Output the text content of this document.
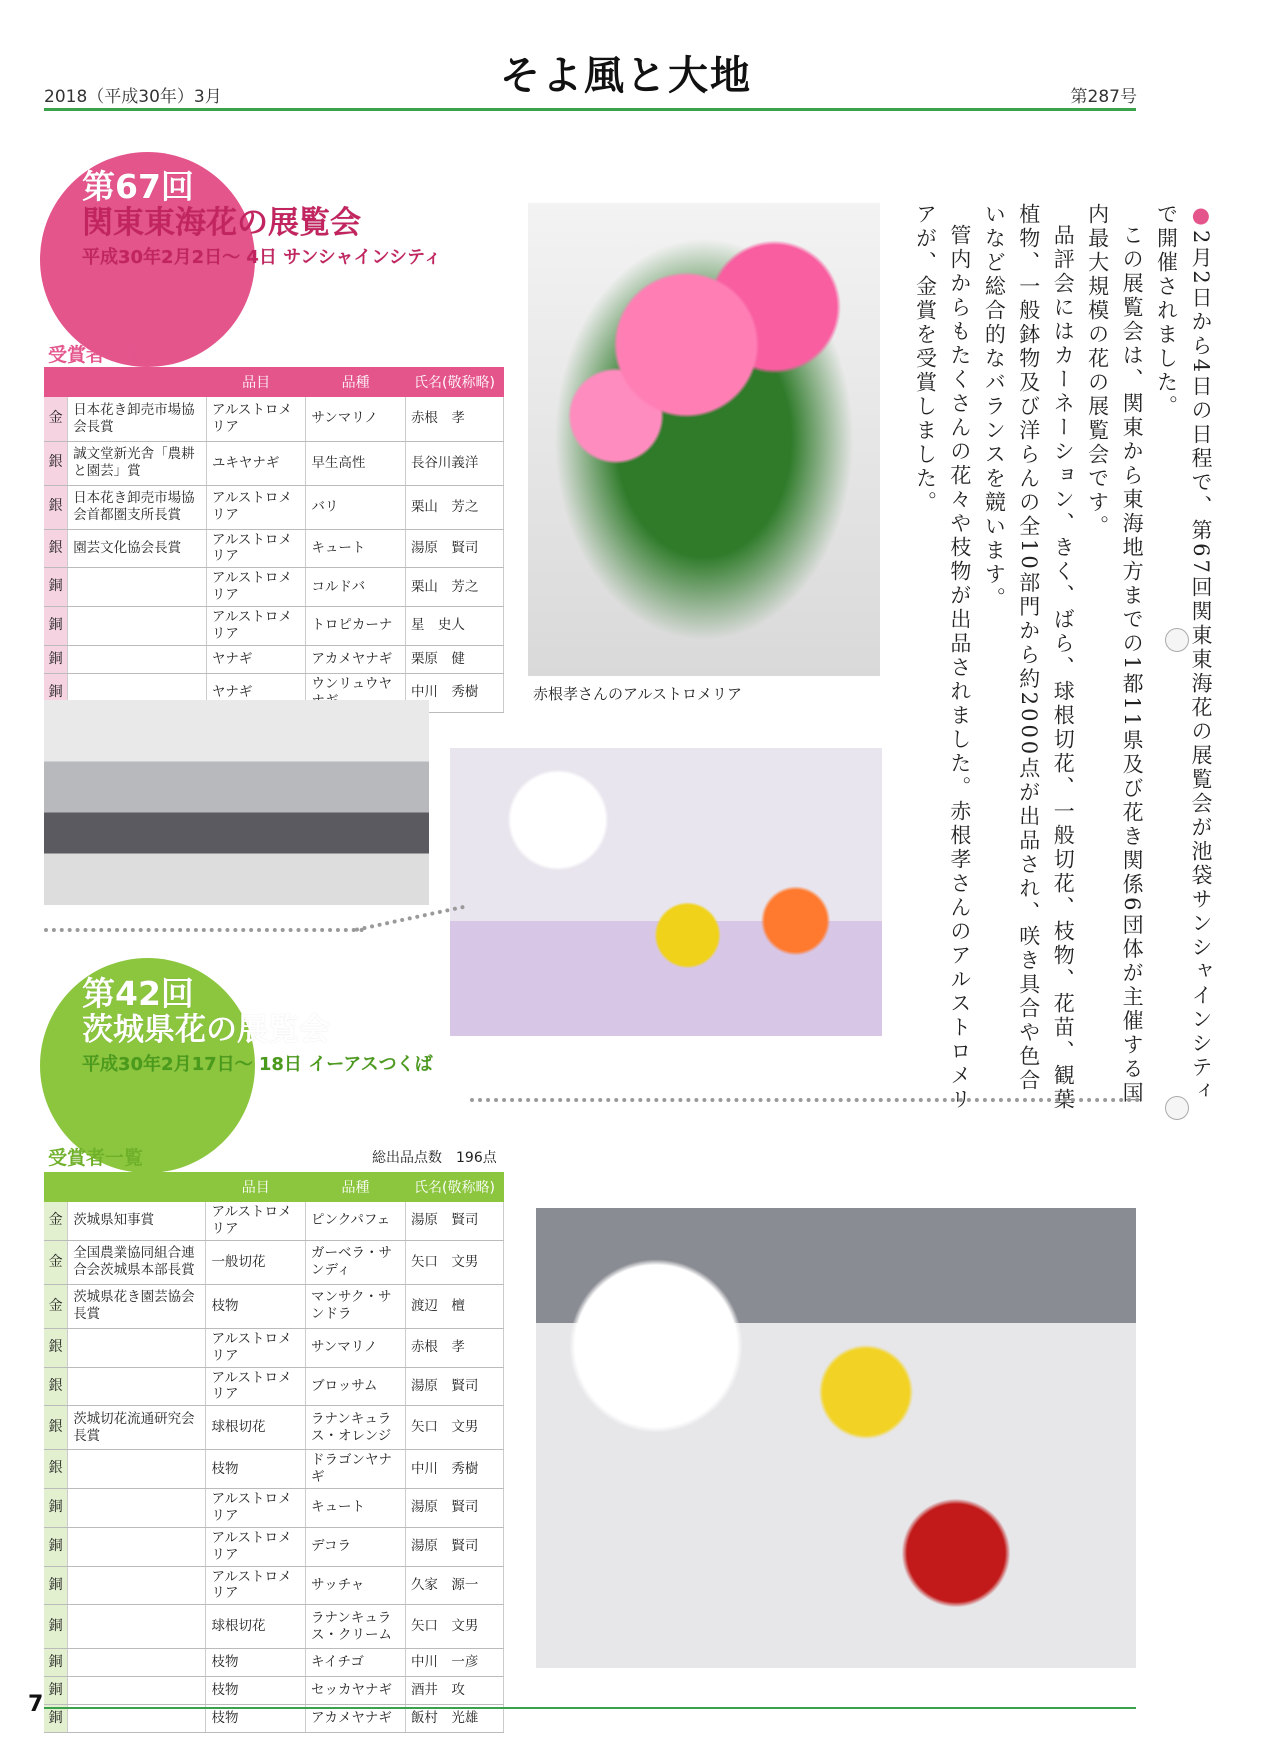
2018（平成30年）3月	そよ風と大地	第287号
第67回
関東東海花の展覧会
平成30年2月2日～ 4日 サンシャインシティ
受賞者一覧
		品目	品種	氏名(敬称略)
金	日本花き卸売市場協会長賞	アルストロメリア	サンマリノ	赤根　孝
銀	誠文堂新光舎「農耕と園芸」賞	ユキヤナギ	早生高性	長谷川義洋
銀	日本花き卸売市場協会首都圏支所長賞	アルストロメリア	バリ	栗山　芳之
銀	園芸文化協会長賞	アルストロメリア	キュート	湯原　賢司
銅		アルストロメリア	コルドバ	栗山　芳之
銅		アルストロメリア	トロピカーナ	星　史人
銅		ヤナギ	アカメヤナギ	栗原　健
銅		ヤナギ	ウンリュウヤ	中川　秀樹	赤根孝さんのアルストロメリア

●2月2日から4日の日程で、第67回関東東海花の展覧会が池袋サンシャインシティで開催されました。

この展覧会は、関東から東海地方までの1都11県及び花き関係6団体が主催する国内最大規模の花の展覧会です。

品評会にはカーネーション、きく、ばら、球根切花、一般切花、枝物、花苗、観葉植物、一般鉢物及び洋らんの全10部門から約2000点が出品され、咲き具合や色合いなど総合的なバランスを競います。

管内からもたくさんの花々や枝物が出品されました。赤根孝さんのアルストロメリアが、金賞を受賞しました。

第42回
茨城県花の展覧会
平成30年2月17日～ 18日 イーアスつくば
受賞者一覧	総出品点数　196点
		品目	品種	氏名(敬称略)
金	茨城県知事賞	アルストロメリア	ピンクパフェ	湯原　賢司
金	全国農業協同組合連合会茨城県本部長賞	一般切花	ガーベラ・サンディ	矢口　文男
金	茨城県花き園芸協会長賞	枝物	マンサク・サンドラ	渡辺　檀
銀		アルストロメリア	サンマリノ	赤根　孝
銀		アルストロメリア	ブロッサム	湯原　賢司
銀	茨城切花流通研究会長賞	球根切花	ラナンキュラス・オレンジ	矢口　文男
銀		枝物	ドラゴンヤナギ	中川　秀樹
銅		アルストロメリア	キュート	湯原　賢司
銅		アルストロメリア	デコラ	湯原　賢司
銅		アルストロメリア	サッチャ	久家　源一
銅		球根切花	ラナンキュラス・クリーム	矢口　文男
銅		枝物	キイチゴ	中川　一彦
銅		枝物	セッカヤナギ	酒井　攻
銅		枝物	アカメヤナギ	飯村　光雄
7
